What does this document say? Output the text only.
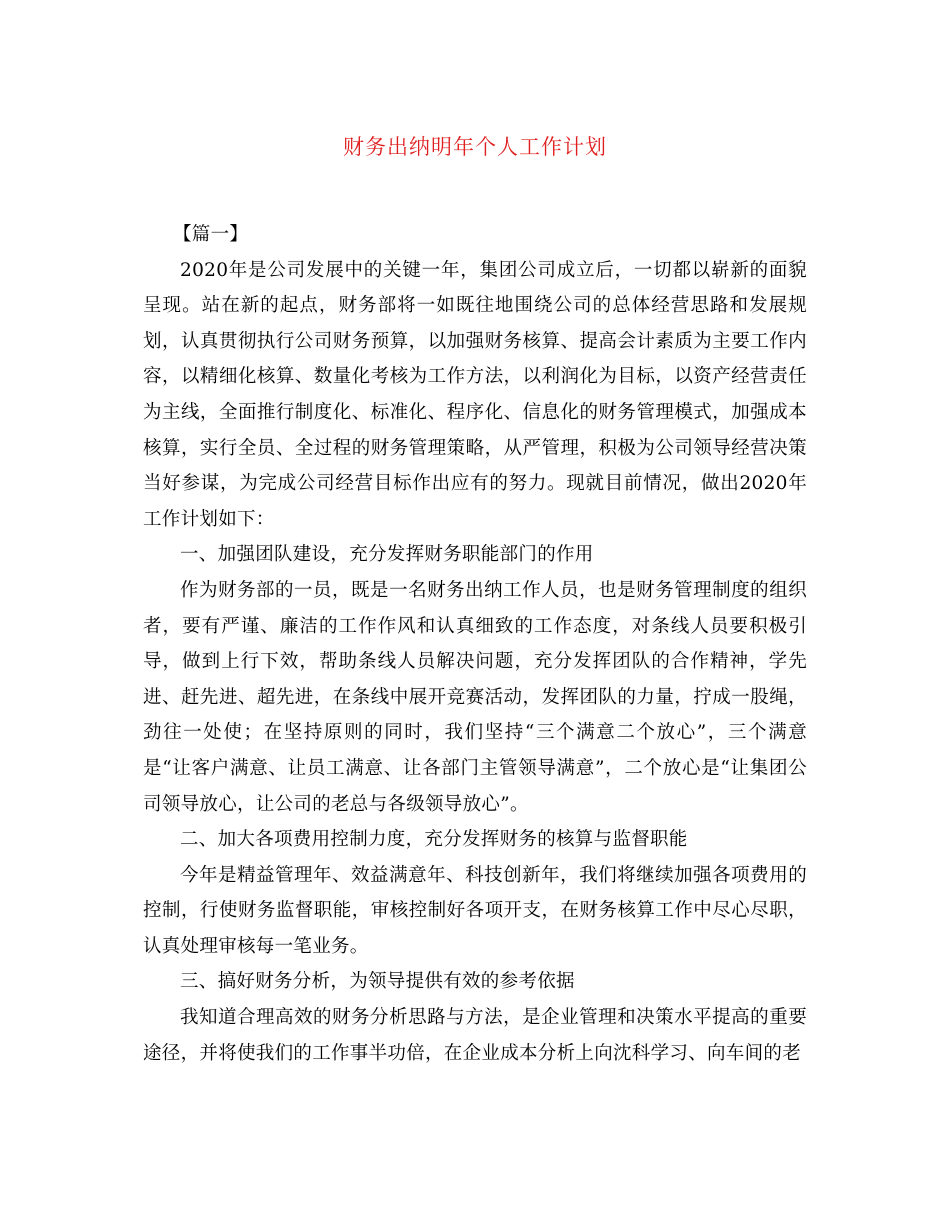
财务出纳明年个人工作计划

【篇一】

2020年是公司发展中的关键一年，集团公司成立后，一切都以崭新的面貌呈现。站在新的起点，财务部将一如既往地围绕公司的总体经营思路和发展规划，认真贯彻执行公司财务预算，以加强财务核算、提高会计素质为主要工作内容，以精细化核算、数量化考核为工作方法，以利润化为目标，以资产经营责任为主线，全面推行制度化、标准化、程序化、信息化的财务管理模式，加强成本核算，实行全员、全过程的财务管理策略，从严管理，积极为公司领导经营决策当好参谋，为完成公司经营目标作出应有的努力。现就目前情况，做出2020年工作计划如下：

一、加强团队建设，充分发挥财务职能部门的作用

作为财务部的一员，既是一名财务出纳工作人员，也是财务管理制度的组织者，要有严谨、廉洁的工作作风和认真细致的工作态度，对条线人员要积极引导，做到上行下效，帮助条线人员解决问题，充分发挥团队的合作精神，学先进、赶先进、超先进，在条线中展开竞赛活动，发挥团队的力量，拧成一股绳，劲往一处使；在坚持原则的同时，我们坚持“三个满意二个放心”，三个满意是“让客户满意、让员工满意、让各部门主管领导满意”，二个放心是“让集团公司领导放心，让公司的老总与各级领导放心”。

二、加大各项费用控制力度，充分发挥财务的核算与监督职能

今年是精益管理年、效益满意年、科技创新年，我们将继续加强各项费用的控制，行使财务监督职能，审核控制好各项开支，在财务核算工作中尽心尽职，认真处理审核每一笔业务。

三、搞好财务分析，为领导提供有效的参考依据

我知道合理高效的财务分析思路与方法，是企业管理和决策水平提高的重要途径，并将使我们的工作事半功倍，在企业成本分析上向沈科学习、向车间的老
